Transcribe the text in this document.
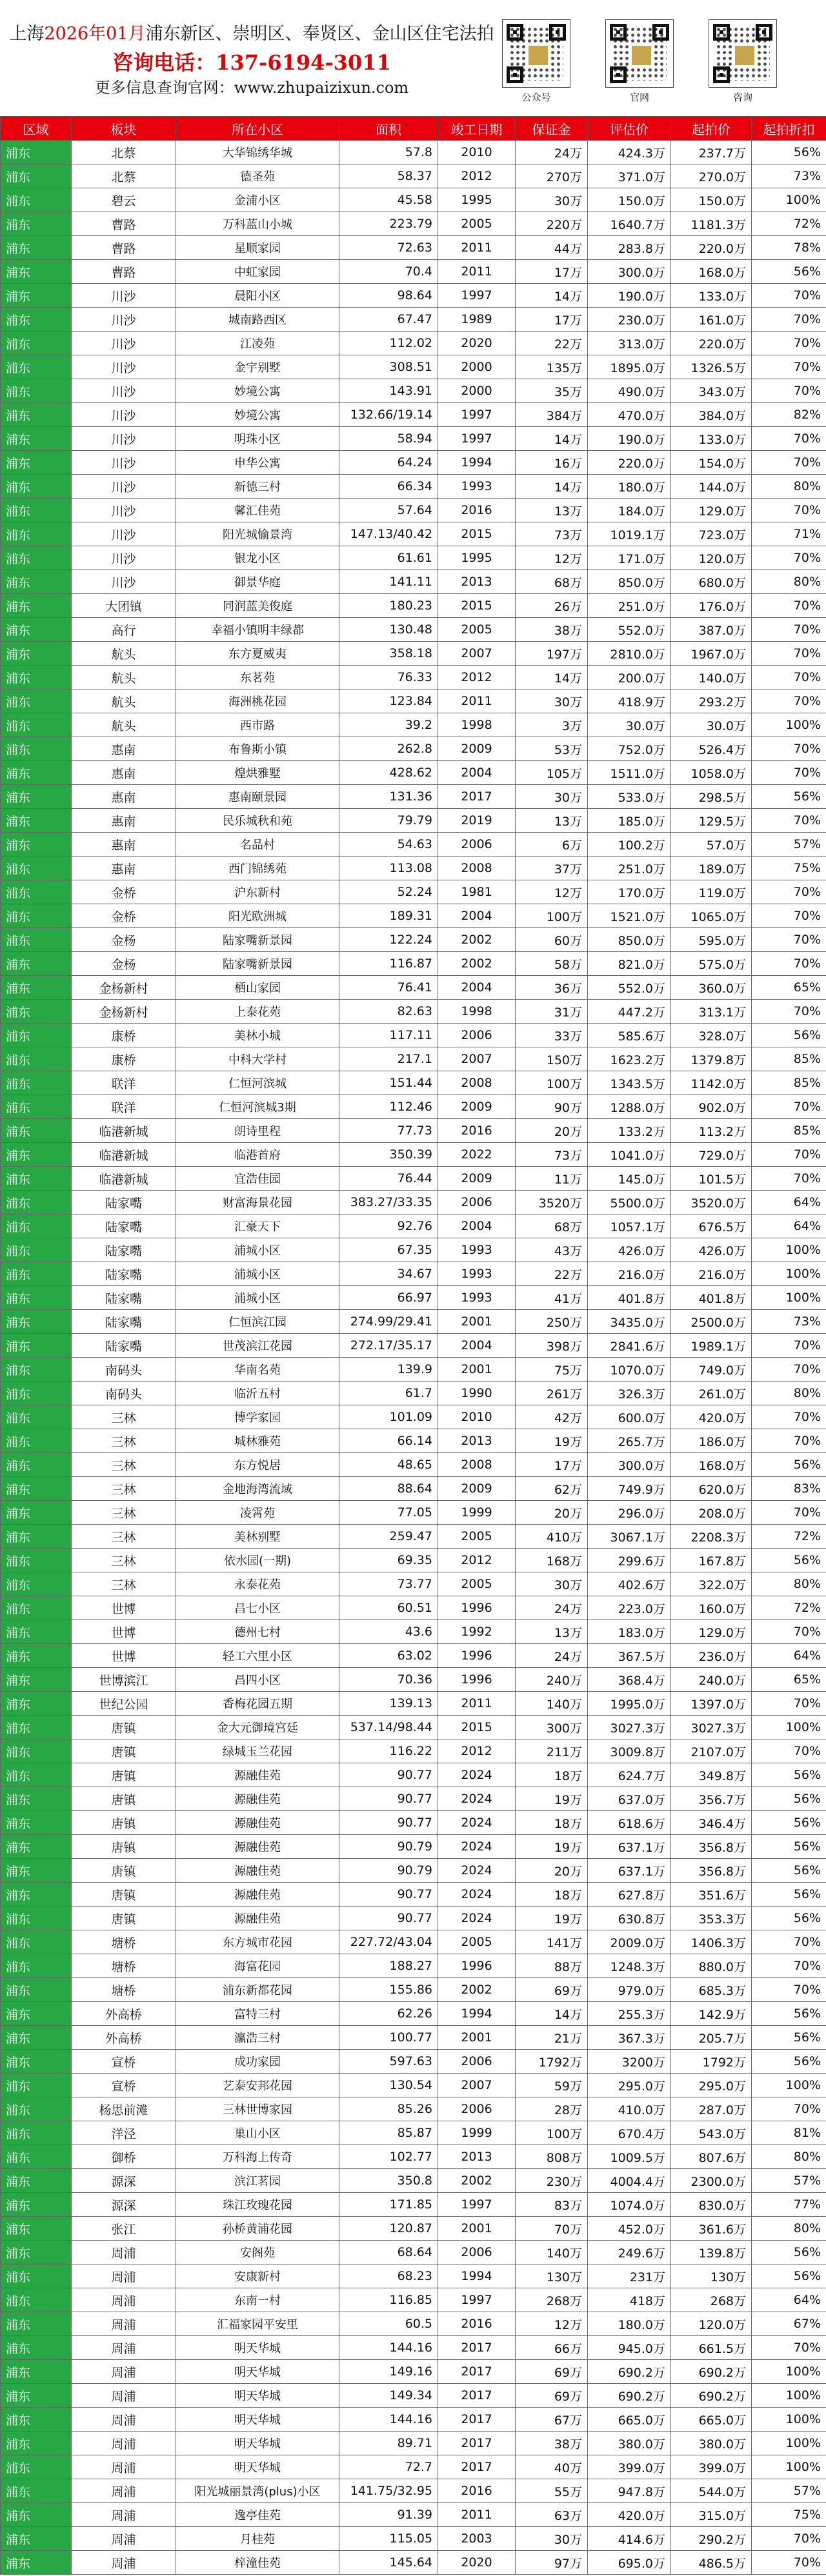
上海2026年01月浦东新区、崇明区、奉贤区、金山区住宅法拍
咨询电话：137-6194-3011
更多信息查询官网：www.zhupaizixun.com
公众号	官网	咨询
区域	板块	所在小区	面积	竣工日期	保证金	评估价	起拍价	起拍折扣
浦东	北蔡	大华锦绣华城	57.8	2010	24万	424.3万	237.7万	56%
浦东	北蔡	德圣苑	58.37	2012	270万	371.0万	270.0万	73%
浦东	碧云	金浦小区	45.58	1995	30万	150.0万	150.0万	100%
浦东	曹路	万科蓝山小城	223.79	2005	220万	1640.7万	1181.3万	72%
浦东	曹路	星顺家园	72.63	2011	44万	283.8万	220.0万	78%
浦东	曹路	中虹家园	70.4	2011	17万	300.0万	168.0万	56%
浦东	川沙	晨阳小区	98.64	1997	14万	190.0万	133.0万	70%
浦东	川沙	城南路西区	67.47	1989	17万	230.0万	161.0万	70%
浦东	川沙	江凌苑	112.02	2020	22万	313.0万	220.0万	70%
浦东	川沙	金宇别墅	308.51	2000	135万	1895.0万	1326.5万	70%
浦东	川沙	妙境公寓	143.91	2000	35万	490.0万	343.0万	70%
浦东	川沙	妙境公寓	132.66/19.14	1997	384万	470.0万	384.0万	82%
浦东	川沙	明珠小区	58.94	1997	14万	190.0万	133.0万	70%
浦东	川沙	申华公寓	64.24	1994	16万	220.0万	154.0万	70%
浦东	川沙	新德三村	66.34	1993	14万	180.0万	144.0万	80%
浦东	川沙	馨汇佳苑	57.64	2016	13万	184.0万	129.0万	70%
浦东	川沙	阳光城愉景湾	147.13/40.42	2015	73万	1019.1万	723.0万	71%
浦东	川沙	银龙小区	61.61	1995	12万	171.0万	120.0万	70%
浦东	川沙	御景华庭	141.11	2013	68万	850.0万	680.0万	80%
浦东	大团镇	同润蓝美俊庭	180.23	2015	26万	251.0万	176.0万	70%
浦东	高行	幸福小镇明丰绿都	130.48	2005	38万	552.0万	387.0万	70%
浦东	航头	东方夏威夷	358.18	2007	197万	2810.0万	1967.0万	70%
浦东	航头	东茗苑	76.33	2012	14万	200.0万	140.0万	70%
浦东	航头	海洲桃花园	123.84	2011	30万	418.9万	293.2万	70%
浦东	航头	西市路	39.2	1998	3万	30.0万	30.0万	100%
浦东	惠南	布鲁斯小镇	262.8	2009	53万	752.0万	526.4万	70%
浦东	惠南	煌烘雅墅	428.62	2004	105万	1511.0万	1058.0万	70%
浦东	惠南	惠南颐景园	131.36	2017	30万	533.0万	298.5万	56%
浦东	惠南	民乐城秋和苑	79.79	2019	13万	185.0万	129.5万	70%
浦东	惠南	名品村	54.63	2006	6万	100.2万	57.0万	57%
浦东	惠南	西门锦绣苑	113.08	2008	37万	251.0万	189.0万	75%
浦东	金桥	沪东新村	52.24	1981	12万	170.0万	119.0万	70%
浦东	金桥	阳光欧洲城	189.31	2004	100万	1521.0万	1065.0万	70%
浦东	金杨	陆家嘴新景园	122.24	2002	60万	850.0万	595.0万	70%
浦东	金杨	陆家嘴新景园	116.87	2002	58万	821.0万	575.0万	70%
浦东	金杨新村	栖山家园	76.41	2004	36万	552.0万	360.0万	65%
浦东	金杨新村	上泰花苑	82.63	1998	31万	447.2万	313.1万	70%
浦东	康桥	美林小城	117.11	2006	33万	585.6万	328.0万	56%
浦东	康桥	中科大学村	217.1	2007	150万	1623.2万	1379.8万	85%
浦东	联洋	仁恒河滨城	151.44	2008	100万	1343.5万	1142.0万	85%
浦东	联洋	仁恒河滨城3期	112.46	2009	90万	1288.0万	902.0万	70%
浦东	临港新城	朗诗里程	77.73	2016	20万	133.2万	113.2万	85%
浦东	临港新城	临港首府	350.39	2022	73万	1041.0万	729.0万	70%
浦东	临港新城	宜浩佳园	76.44	2009	11万	145.0万	101.5万	70%
浦东	陆家嘴	财富海景花园	383.27/33.35	2006	3520万	5500.0万	3520.0万	64%
浦东	陆家嘴	汇豪天下	92.76	2004	68万	1057.1万	676.5万	64%
浦东	陆家嘴	浦城小区	67.35	1993	43万	426.0万	426.0万	100%
浦东	陆家嘴	浦城小区	34.67	1993	22万	216.0万	216.0万	100%
浦东	陆家嘴	浦城小区	66.97	1993	41万	401.8万	401.8万	100%
浦东	陆家嘴	仁恒滨江园	274.99/29.41	2001	250万	3435.0万	2500.0万	73%
浦东	陆家嘴	世茂滨江花园	272.17/35.17	2004	398万	2841.6万	1989.1万	70%
浦东	南码头	华南名苑	139.9	2001	75万	1070.0万	749.0万	70%
浦东	南码头	临沂五村	61.7	1990	261万	326.3万	261.0万	80%
浦东	三林	博学家园	101.09	2010	42万	600.0万	420.0万	70%
浦东	三林	城林雅苑	66.14	2013	19万	265.7万	186.0万	70%
浦东	三林	东方悦居	48.65	2008	17万	300.0万	168.0万	56%
浦东	三林	金地海湾流域	88.64	2009	62万	749.9万	620.0万	83%
浦东	三林	凌霄苑	77.05	1999	20万	296.0万	208.0万	70%
浦东	三林	美林别墅	259.47	2005	410万	3067.1万	2208.3万	72%
浦东	三林	依水园(一期)	69.35	2012	168万	299.6万	167.8万	56%
浦东	三林	永泰花苑	73.77	2005	30万	402.6万	322.0万	80%
浦东	世博	昌七小区	60.51	1996	24万	223.0万	160.0万	72%
浦东	世博	德州七村	43.6	1992	13万	183.0万	129.0万	70%
浦东	世博	轻工六里小区	63.02	1996	24万	367.5万	236.0万	64%
浦东	世博滨江	昌四小区	70.36	1996	240万	368.4万	240.0万	65%
浦东	世纪公园	香梅花园五期	139.13	2011	140万	1995.0万	1397.0万	70%
浦东	唐镇	金大元御璄宫廷	537.14/98.44	2015	300万	3027.3万	3027.3万	100%
浦东	唐镇	绿城玉兰花园	116.22	2012	211万	3009.8万	2107.0万	70%
浦东	唐镇	源融佳苑	90.77	2024	18万	624.7万	349.8万	56%
浦东	唐镇	源融佳苑	90.77	2024	19万	637.0万	356.7万	56%
浦东	唐镇	源融佳苑	90.77	2024	18万	618.6万	346.4万	56%
浦东	唐镇	源融佳苑	90.79	2024	19万	637.1万	356.8万	56%
浦东	唐镇	源融佳苑	90.79	2024	20万	637.1万	356.8万	56%
浦东	唐镇	源融佳苑	90.77	2024	18万	627.8万	351.6万	56%
浦东	唐镇	源融佳苑	90.77	2024	19万	630.8万	353.3万	56%
浦东	塘桥	东方城市花园	227.72/43.04	2005	141万	2009.0万	1406.3万	70%
浦东	塘桥	海富花园	188.27	1996	88万	1248.3万	880.0万	70%
浦东	塘桥	浦东新都花园	155.86	2002	69万	979.0万	685.3万	70%
浦东	外高桥	富特三村	62.26	1994	14万	255.3万	142.9万	56%
浦东	外高桥	瀛浩三村	100.77	2001	21万	367.3万	205.7万	56%
浦东	宣桥	成功家园	597.63	2006	1792万	3200万	1792万	56%
浦东	宣桥	艺泰安邦花园	130.54	2007	59万	295.0万	295.0万	100%
浦东	杨思前滩	三林世博家园	85.26	2006	28万	410.0万	287.0万	70%
浦东	洋泾	巢山小区	85.87	1999	100万	670.4万	543.0万	81%
浦东	御桥	万科海上传奇	102.77	2013	808万	1009.5万	807.6万	80%
浦东	源深	滨江茗园	350.8	2002	230万	4004.4万	2300.0万	57%
浦东	源深	珠江玫瑰花园	171.85	1997	83万	1074.0万	830.0万	77%
浦东	张江	孙桥黄浦花园	120.87	2001	70万	452.0万	361.6万	80%
浦东	周浦	安阁苑	68.64	2006	140万	249.6万	139.8万	56%
浦东	周浦	安康新村	68.23	1994	130万	231万	130万	56%
浦东	周浦	东南一村	116.85	1997	268万	418万	268万	64%
浦东	周浦	汇福家园平安里	60.5	2016	12万	180.0万	120.0万	67%
浦东	周浦	明天华城	144.16	2017	66万	945.0万	661.5万	70%
浦东	周浦	明天华城	149.16	2017	69万	690.2万	690.2万	100%
浦东	周浦	明天华城	149.34	2017	69万	690.2万	690.2万	100%
浦东	周浦	明天华城	144.16	2017	67万	665.0万	665.0万	100%
浦东	周浦	明天华城	89.71	2017	38万	380.0万	380.0万	100%
浦东	周浦	明天华城	72.7	2017	40万	399.0万	399.0万	100%
浦东	周浦	阳光城丽景湾(plus)小区	141.75/32.95	2016	55万	947.8万	544.0万	57%
浦东	周浦	逸亭佳苑	91.39	2011	63万	420.0万	315.0万	75%
浦东	周浦	月桂苑	115.05	2003	30万	414.6万	290.2万	70%
浦东	周浦	梓潼佳苑	145.64	2020	97万	695.0万	486.5万	70%
